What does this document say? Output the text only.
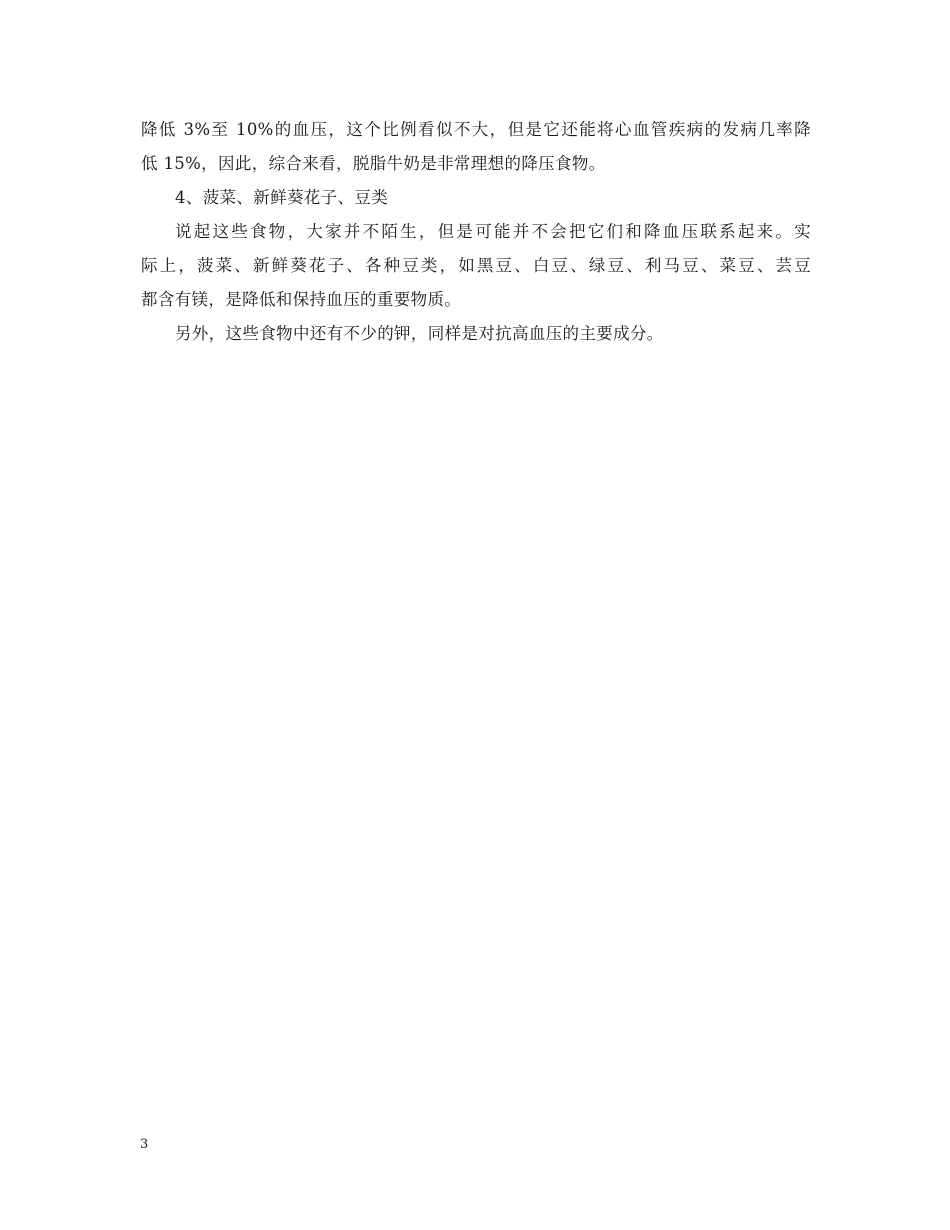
降低 3%至 10%的血压，这个比例看似不大，但是它还能将心血管疾病的发病几率降
低 15%，因此，综合来看，脱脂牛奶是非常理想的降压食物。
4、菠菜、新鲜葵花子、豆类
说起这些食物，大家并不陌生，但是可能并不会把它们和降血压联系起来。实
际上，菠菜、新鲜葵花子、各种豆类，如黑豆、白豆、绿豆、利马豆、菜豆、芸豆
都含有镁，是降低和保持血压的重要物质。
另外，这些食物中还有不少的钾，同样是对抗高血压的主要成分。
3
